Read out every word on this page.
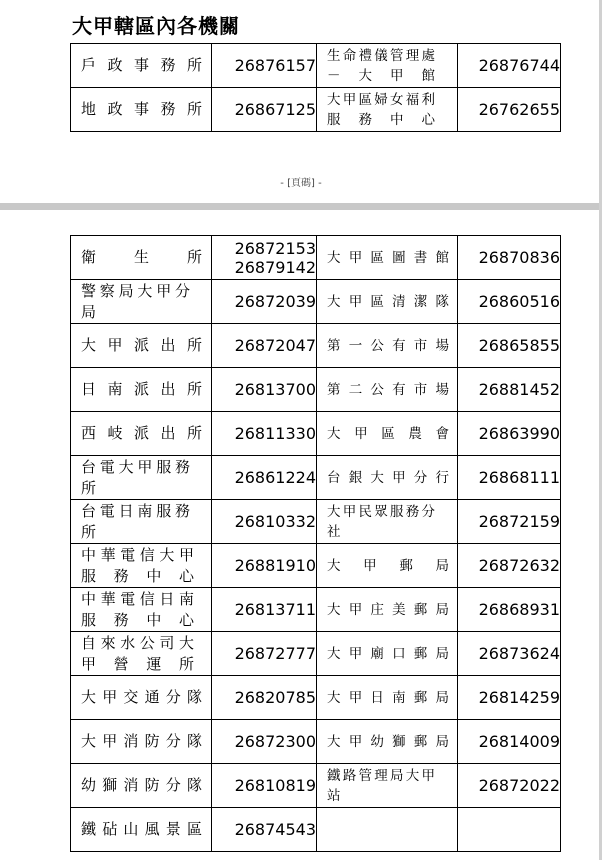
大甲轄區內各機關
戶政事務所	26876157	生命禮儀管理處－大甲館	26876744

地政事務所	26867125	大甲區婦女福利服務中心	26762655
- [頁碼] -
衛生所	26872153 26879142	大甲區圖書館	26870836

警察局大甲分局	26872039	大甲區清潔隊	26860516

大甲派出所	26872047	第一公有市場	26865855

日南派出所	26813700	第二公有市場	26881452

西岐派出所	26811330	大甲區農會	26863990

台電大甲服務所	26861224	台銀大甲分行	26868111

台電日南服務所	26810332	大甲民眾服務分社	26872159

中華電信大甲服務中心	26881910	大甲郵局	26872632

中華電信日南服務中心	26813711	大甲庄美郵局	26868931

自來水公司大甲營運所	26872777	大甲廟口郵局	26873624

大甲交通分隊	26820785	大甲日南郵局	26814259

大甲消防分隊	26872300	大甲幼獅郵局	26814009

幼獅消防分隊	26810819	鐵路管理局大甲站	26872022

鐵砧山風景區	26874543	
